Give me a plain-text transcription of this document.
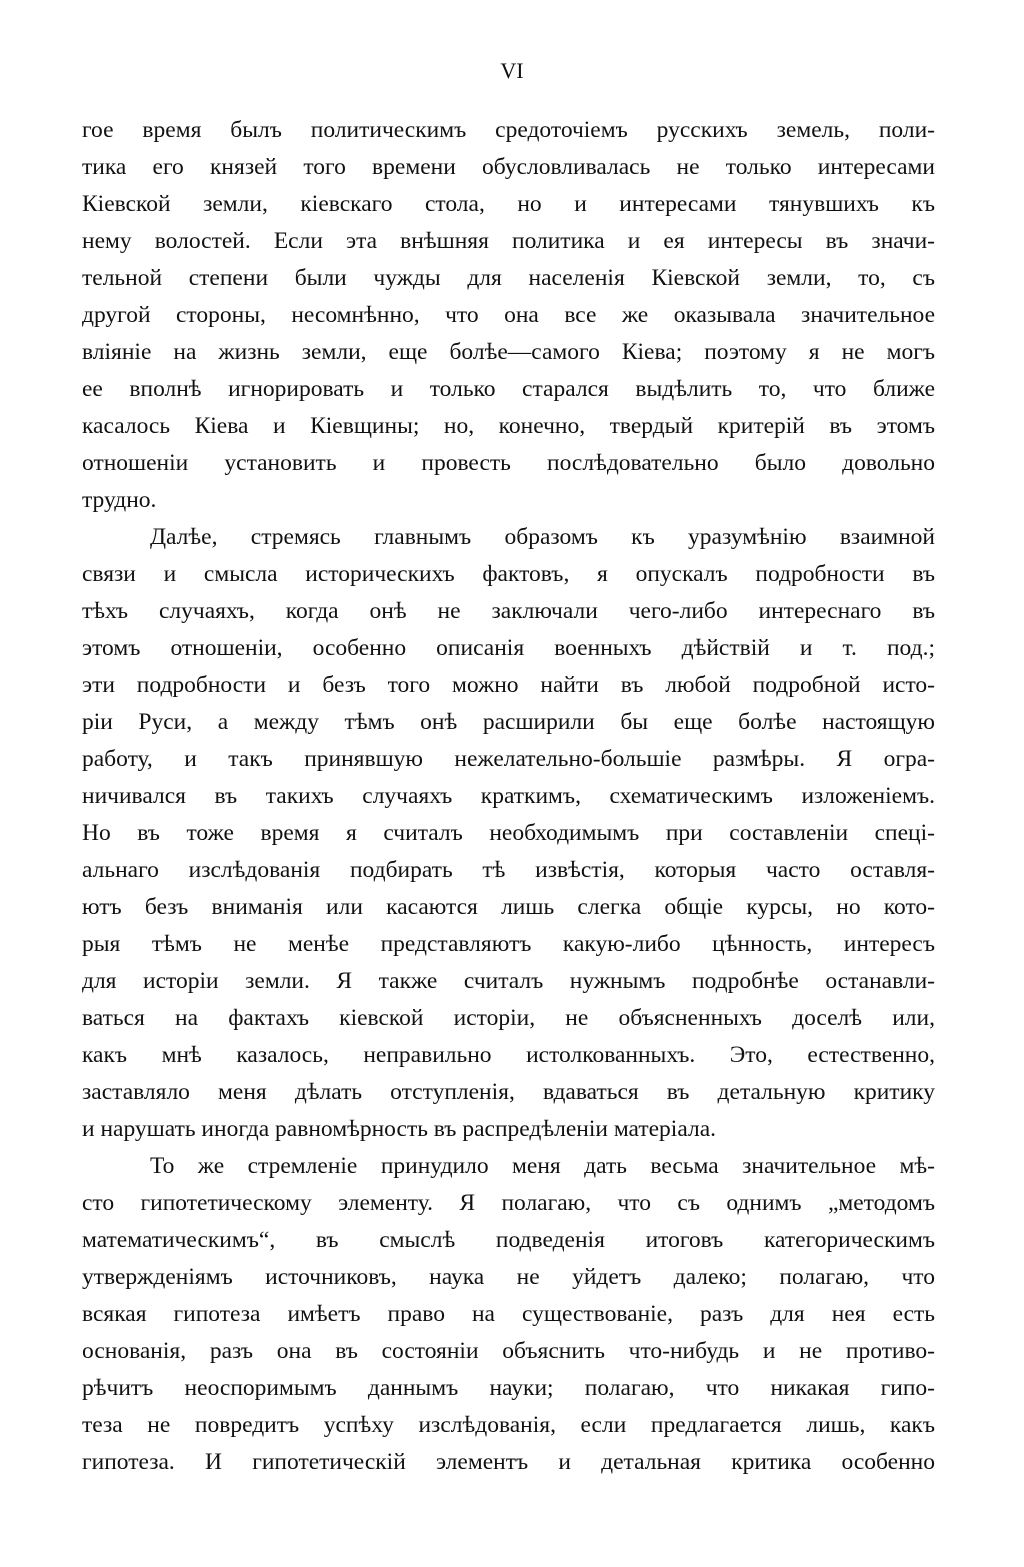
VI
гое время былъ политическимъ средоточіемъ русскихъ земель, поли-
тика его князей того времени обусловливалась не только интересами
Кіевской земли, кіевскаго стола, но и интересами тянувшихъ къ
нему волостей. Если эта внѣшняя политика и ея интересы въ значи-
тельной степени были чужды для населенія Кіевской земли, то, съ
другой стороны, несомнѣнно, что она все же оказывала значительное
вліяніе на жизнь земли, еще болѣе—самого Кіева; поэтому я не могъ
ее вполнѣ игнорировать и только старался выдѣлить то, что ближе
касалось Кіева и Кіевщины; но, конечно, твердый критерій въ этомъ
отношеніи установить и провесть послѣдовательно было довольно
трудно.
Далѣе, стремясь главнымъ образомъ къ уразумѣнію взаимной
связи и смысла историческихъ фактовъ, я опускалъ подробности въ
тѣхъ случаяхъ, когда онѣ не заключали чего-либо интереснаго въ
этомъ отношеніи, особенно описанія военныхъ дѣйствій и т. под.;
эти подробности и безъ того можно найти въ любой подробной исто-
ріи Руси, а между тѣмъ онѣ расширили бы еще болѣе настоящую
работу, и такъ принявшую нежелательно-большіе размѣры. Я огра-
ничивался въ такихъ случаяхъ краткимъ, схематическимъ изложеніемъ.
Но въ тоже время я считалъ необходимымъ при составленіи спеці-
альнаго изслѣдованія подбирать тѣ извѣстія, которыя часто оставля-
ютъ безъ вниманія или касаются лишь слегка общіе курсы, но кото-
рыя тѣмъ не менѣе представляютъ какую-либо цѣнность, интересъ
для исторіи земли. Я также считалъ нужнымъ подробнѣе останавли-
ваться на фактахъ кіевской исторіи, не объясненныхъ доселѣ или,
какъ мнѣ казалось, неправильно истолкованныхъ. Это, естественно,
заставляло меня дѣлать отступленія, вдаваться въ детальную критику
и нарушать иногда равномѣрность въ распредѣленіи матеріала.
То же стремленіе принудило меня дать весьма значительное мѣ-
сто гипотетическому элементу. Я полагаю, что съ однимъ „методомъ
математическимъ“, въ смыслѣ подведенія итоговъ категорическимъ
утвержденіямъ источниковъ, наука не уйдетъ далеко; полагаю, что
всякая гипотеза имѣетъ право на существованіе, разъ для нея есть
основанія, разъ она въ состояніи объяснить что-нибудь и не противо-
рѣчитъ неоспоримымъ даннымъ науки; полагаю, что никакая гипо-
теза не повредитъ успѣху изслѣдованія, если предлагается лишь, какъ
гипотеза. И гипотетическій элементъ и детальная критика особенно
